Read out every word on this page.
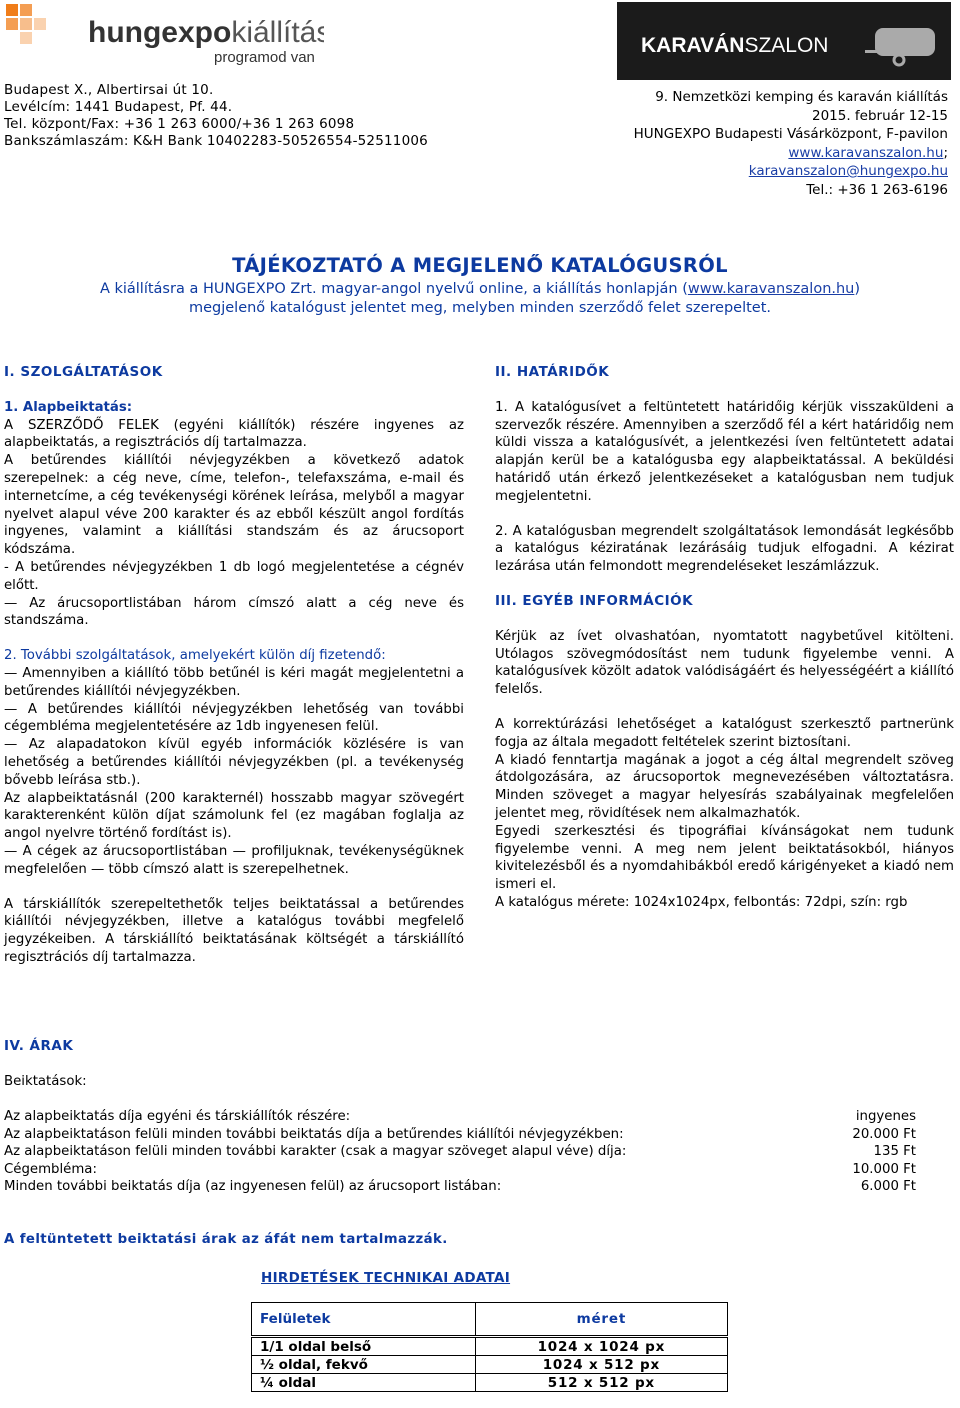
hungexpokiállítás
programod van
KARAVÁNSZALON
Budapest X., Albertirsai út 10.
Levélcím: 1441 Budapest, Pf. 44.
Tel. központ/Fax: +36 1 263 6000/+36 1 263 6098
Bankszámlaszám: K&H Bank 10402283-50526554-52511006
9. Nemzetközi kemping és karaván kiállítás
2015. február 12-15
HUNGEXPO Budapesti Vásárközpont, F-pavilon
www.karavanszalon.hu;
karavanszalon@hungexpo.hu
Tel.: +36 1 263-6196
TÁJÉKOZTATÓ A MEGJELENŐ KATALÓGUSRÓL
A kiállításra a HUNGEXPO Zrt. magyar-angol nyelvű online, a kiállítás honlapján (www.karavanszalon.hu)
megjelenő katalógust jelentet meg, melyben minden szerződő felet szerepeltet.
I. SZOLGÁLTATÁSOK
1. Alapbeiktatás:

A SZERZŐDŐ FELEK (egyéni kiállítók) részére ingyenes az alapbeiktatás, a regisztrációs díj tartalmazza.

A betűrendes kiállítói névjegyzékben a következő adatok szerepelnek: a cég neve, címe, telefon-, telefaxszáma, e-mail és internetcíme, a cég tevékenységi körének leírása, melyből a magyar nyelvet alapul véve 200 karakter és az ebből készült angol fordítás ingyenes, valamint a kiállítási standszám és az árucsoport kódszáma.

- A betűrendes névjegyzékben 1 db logó megjelentetése a cégnév előtt.

— Az árucsoportlistában három címszó alatt a cég neve és standszáma.

2. További szolgáltatások, amelyekért külön díj fizetendő:

— Amennyiben a kiállító több betűnél is kéri magát megjelentetni a betűrendes kiállítói névjegyzékben.

— A betűrendes kiállítói névjegyzékben lehetőség van további cégembléma megjelentetésére az 1db ingyenesen felül.

— Az alapadatokon kívül egyéb információk közlésére is van lehetőség a betűrendes kiállítói névjegyzékben (pl. a tevékenység bővebb leírása stb.).

Az alapbeiktatásnál (200 karakternél) hosszabb magyar szövegért karakterenként külön díjat számolunk fel (ez magában foglalja az angol nyelvre történő fordítást is).

— A cégek az árucsoportlistában — profiljuknak, tevékenységüknek megfelelően — több címszó alatt is szerepelhetnek.

A társkiállítók szerepeltethetők teljes beiktatással a betűrendes kiállítói névjegyzékben, illetve a katalógus további megfelelő jegyzékeiben. A társkiállító beiktatásának költségét a társkiállító regisztrációs díj tartalmazza.

II. HATÁRIDŐK

1. A katalógusívet a feltüntetett határidőig kérjük visszaküldeni a szervezők részére. Amennyiben a szerződő fél a kért határidőig nem küldi vissza a katalógusívét, a jelentkezési íven feltüntetett adatai alapján kerül be a katalógusba egy alapbeiktatással. A beküldési határidő után érkező jelentkezéseket a katalógusban nem tudjuk megjelentetni.

2. A katalógusban megrendelt szolgáltatások lemondását legkésőbb a katalógus kéziratának lezárásáig tudjuk elfogadni. A kézirat lezárása után felmondott megrendeléseket leszámlázzuk.

III. EGYÉB INFORMÁCIÓK

Kérjük az ívet olvashatóan, nyomtatott nagybetűvel kitölteni. Utólagos szövegmódosítást nem tudunk figyelembe venni. A katalógusívek közölt adatok valódiságáért és helyességéért a kiállító felelős.

A korrektúrázási lehetőséget a katalógust szerkesztő partnerünk fogja az általa megadott feltételek szerint biztosítani.

A kiadó fenntartja magának a jogot a cég által megrendelt szöveg átdolgozására, az árucsoportok megnevezésében változtatásra. Minden szöveget a magyar helyesírás szabályainak megfelelően jelentet meg, rövidítések nem alkalmazhatók.

Egyedi szerkesztési és tipográfiai kívánságokat nem tudunk figyelembe venni. A meg nem jelent beiktatásokból, hiányos kivitelezésből és a nyomdahibákból eredő kárigényeket a kiadó nem ismeri el.

A katalógus mérete: 1024x1024px, felbontás: 72dpi, szín: rgb

IV. ÁRAK
Beiktatások:
Az alapbeiktatás díja egyéni és társkiállítók részére:	ingyenes
Az alapbeiktatáson felüli minden további beiktatás díja a betűrendes kiállítói névjegyzékben:	20.000 Ft
Az alapbeiktatáson felüli minden további karakter (csak a magyar szöveget alapul véve) díja:	135 Ft
Cégembléma:	10.000 Ft
Minden további beiktatás díja (az ingyenesen felül) az árucsoport listában:	6.000 Ft
A feltüntetett beiktatási árak az áfát nem tartalmazzák.
HIRDETÉSEK TECHNIKAI ADATAI
Felületek	méret
1/1 oldal belső	1024 x 1024 px
½ oldal, fekvő	1024 x 512 px
¼ oldal	512 x 512 px
